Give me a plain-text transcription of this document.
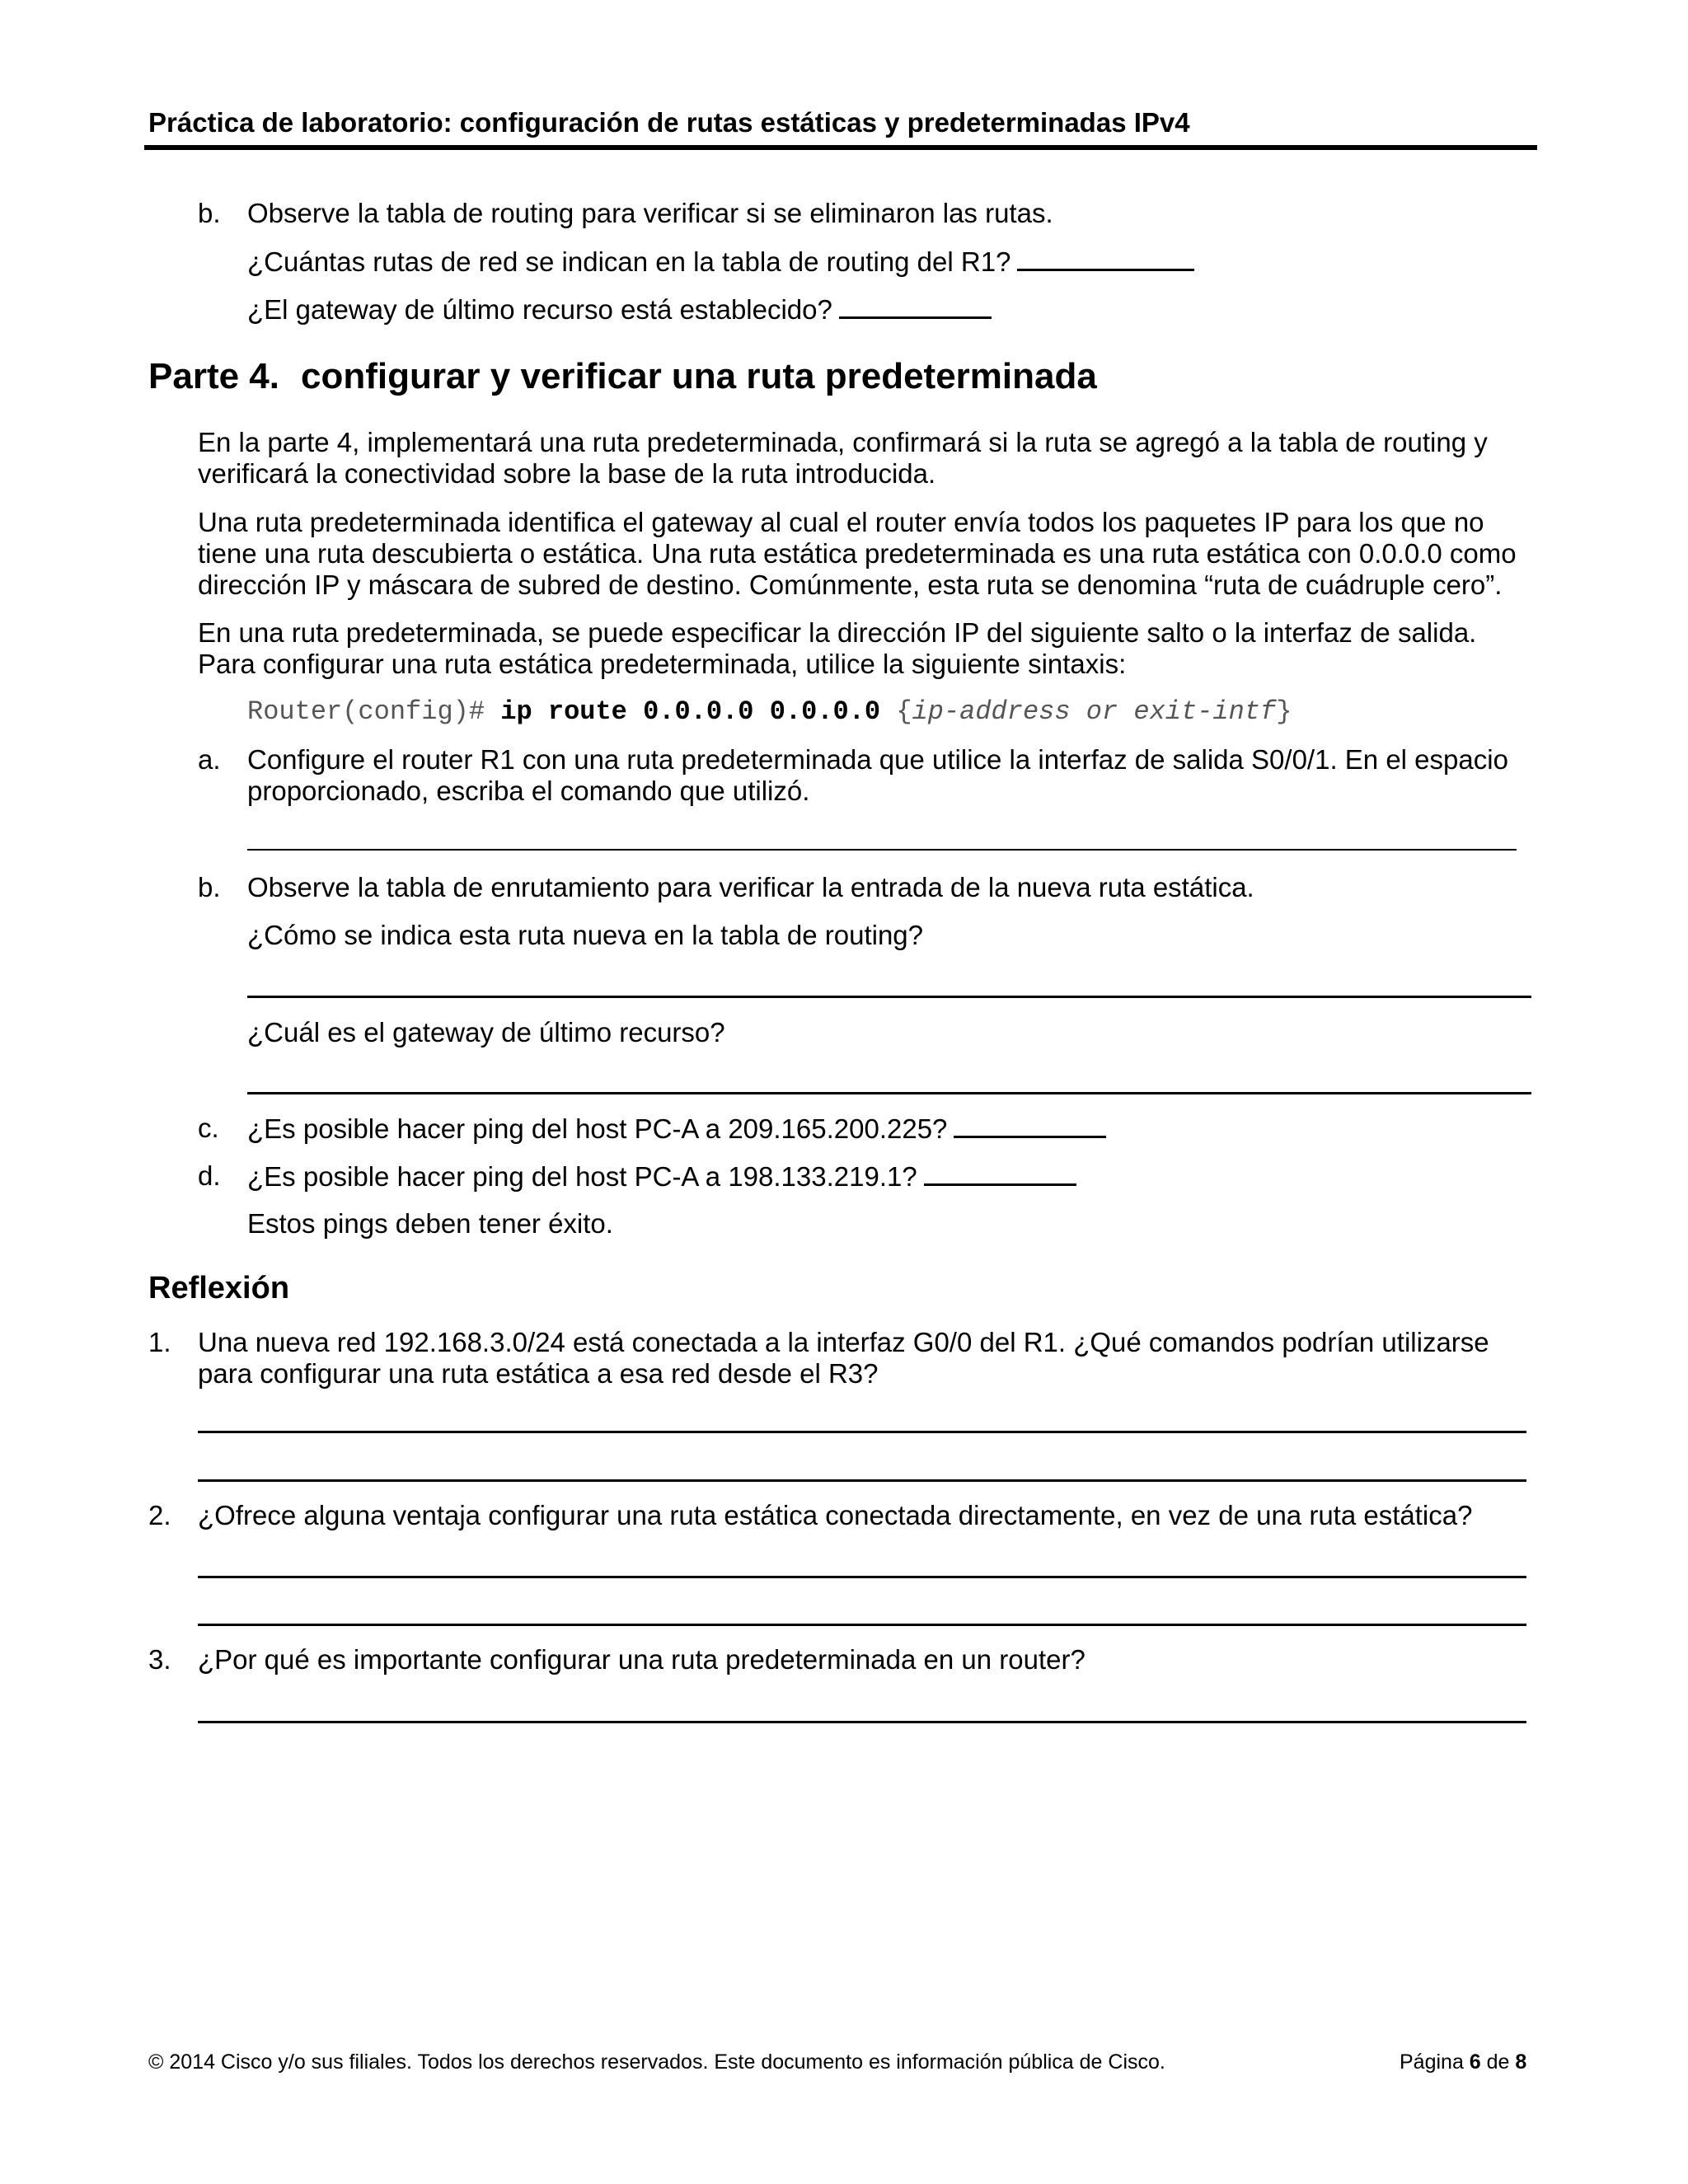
Práctica de laboratorio: configuración de rutas estáticas y predeterminadas IPv4
b. Observe la tabla de routing para verificar si se eliminaron las rutas.
¿Cuántas rutas de red se indican en la tabla de routing del R1?
¿El gateway de último recurso está establecido?
Parte 4. configurar y verificar una ruta predeterminada
En la parte 4, implementará una ruta predeterminada, confirmará si la ruta se agregó a la tabla de routing y
verificará la conectividad sobre la base de la ruta introducida.
Una ruta predeterminada identifica el gateway al cual el router envía todos los paquetes IP para los que no
tiene una ruta descubierta o estática. Una ruta estática predeterminada es una ruta estática con 0.0.0.0 como
dirección IP y máscara de subred de destino. Comúnmente, esta ruta se denomina “ruta de cuádruple cero”.
En una ruta predeterminada, se puede especificar la dirección IP del siguiente salto o la interfaz de salida.
Para configurar una ruta estática predeterminada, utilice la siguiente sintaxis:
Router(config)# ip route 0.0.0.0 0.0.0.0 {ip-address or exit-intf}
a. Configure el router R1 con una ruta predeterminada que utilice la interfaz de salida S0/0/1. En el espacio
proporcionado, escriba el comando que utilizó.
b. Observe la tabla de enrutamiento para verificar la entrada de la nueva ruta estática.
¿Cómo se indica esta ruta nueva en la tabla de routing?
¿Cuál es el gateway de último recurso?
c. ¿Es posible hacer ping del host PC-A a 209.165.200.225?
d. ¿Es posible hacer ping del host PC-A a 198.133.219.1?
Estos pings deben tener éxito.
Reflexión
1. Una nueva red 192.168.3.0/24 está conectada a la interfaz G0/0 del R1. ¿Qué comandos podrían utilizarse
para configurar una ruta estática a esa red desde el R3?
2. ¿Ofrece alguna ventaja configurar una ruta estática conectada directamente, en vez de una ruta estática?
3. ¿Por qué es importante configurar una ruta predeterminada en un router?
© 2014 Cisco y/o sus filiales. Todos los derechos reservados. Este documento es información pública de Cisco.	Página 6 de 8
